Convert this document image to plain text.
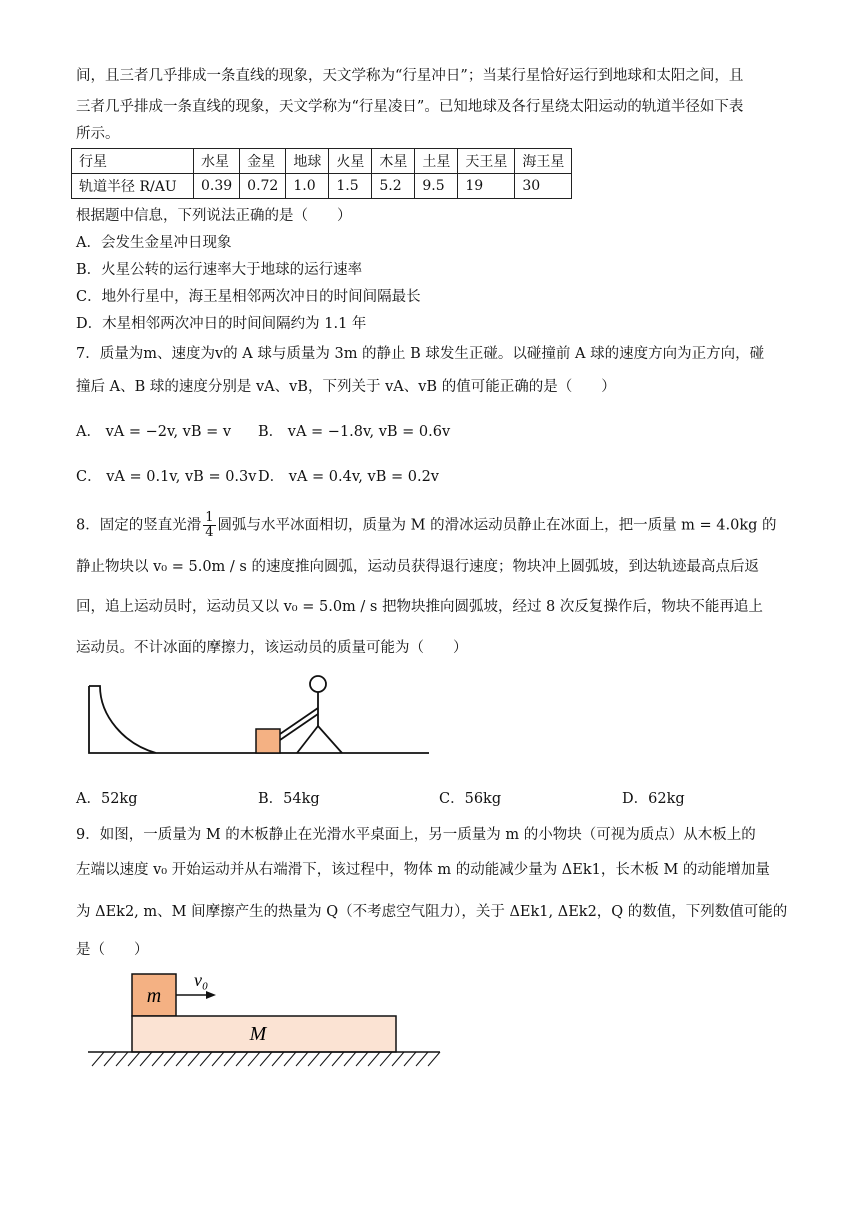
间，且三者几乎排成一条直线的现象，天文学称为“行星冲日”；当某行星恰好运行到地球和太阳之间，且
三者几乎排成一条直线的现象，天文学称为“行星凌日”。已知地球及各行星绕太阳运动的轨道半径如下表
所示。
行星	水星	金星	地球	火星	木星	土星	天王星	海王星
轨道半径 R/AU	0.39	0.72	1.0	1.5	5.2	9.5	19	30
根据题中信息，下列说法正确的是（　　）
A．会发生金星冲日现象
B．火星公转的运行速率大于地球的运行速率
C．地外行星中，海王星相邻两次冲日的时间间隔最长
D．木星相邻两次冲日的时间间隔约为 1.1 年
7．质量为m、速度为v的 A 球与质量为 3m 的静止 B 球发生正碰。以碰撞前 A 球的速度方向为正方向，碰
撞后 A、B 球的速度分别是 vA、vB，下列关于 vA、vB 的值可能正确的是（　　）
A． vA = −2v, vB = v B． vA = −1.8v, vB = 0.6v
C． vA = 0.1v, vB = 0.3v D． vA = 0.4v, vB = 0.2v
8．固定的竖直光滑 $\frac{1}{4}$ 圆弧与水平冰面相切，质量为 M 的滑冰运动员静止在冰面上，把一质量 m = 4.0kg 的
静止物块以 v₀ = 5.0m / s 的速度推向圆弧，运动员获得退行速度；物块冲上圆弧坡，到达轨迹最高点后返
回，追上运动员时，运动员又以 v₀ = 5.0m / s 把物块推向圆弧坡，经过 8 次反复操作后，物块不能再追上
运动员。不计冰面的摩擦力，该运动员的质量可能为（　　）
A．52kg	B．54kg	C．56kg	D．62kg
9．如图，一质量为 M 的木板静止在光滑水平桌面上，另一质量为 m 的小物块（可视为质点）从木板上的
左端以速度 v₀ 开始运动并从右端滑下，该过程中，物体 m 的动能减少量为 ΔEk1，长木板 M 的动能增加量
为 ΔEk2, m、M 间摩擦产生的热量为 Q（不考虑空气阻力），关于 ΔEk1, ΔEk2，Q 的数值，下列数值可能的
是（　　）
m
v₀
M
